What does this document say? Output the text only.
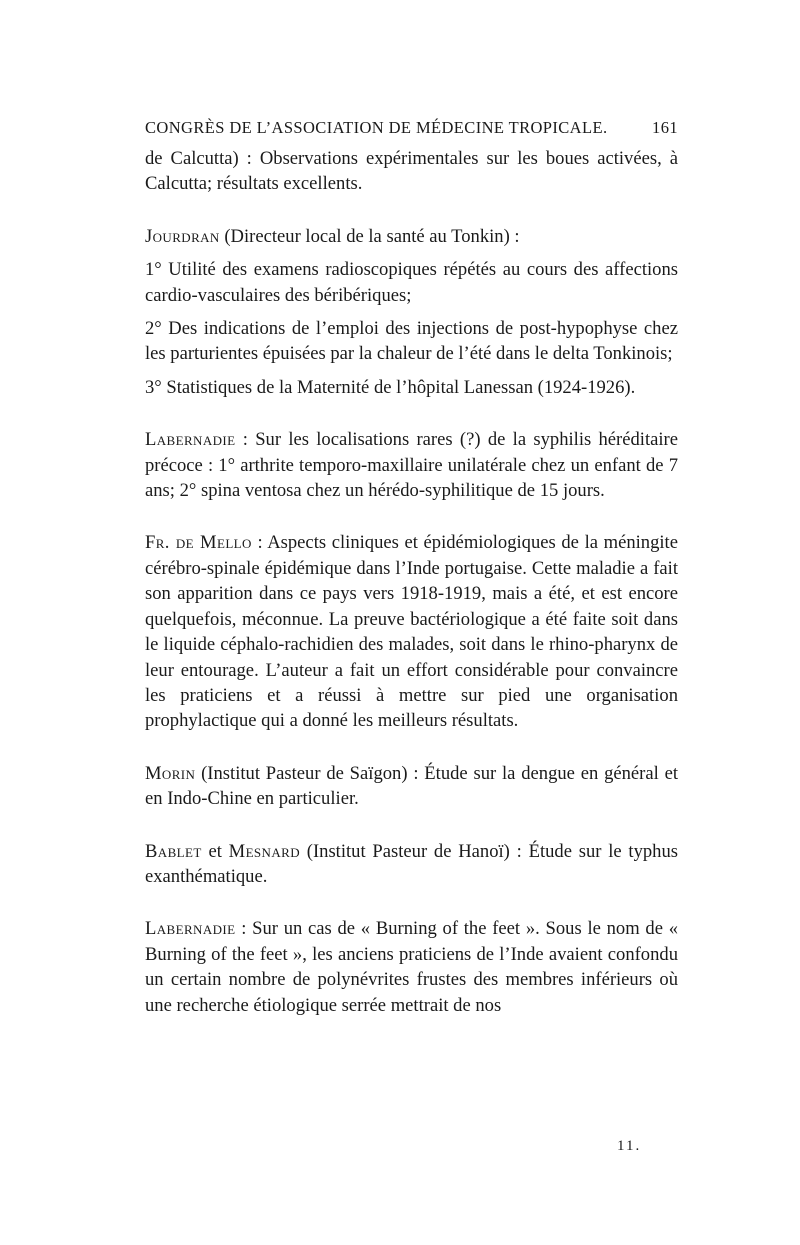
CONGRÈS DE L’ASSOCIATION DE MÉDECINE TROPICALE.	161

de Calcutta) : Observations expérimentales sur les boues activées, à Calcutta; résultats excellents.

Jourdran (Directeur local de la santé au Tonkin) :

1° Utilité des examens radioscopiques répétés au cours des affections cardio-vasculaires des béribériques;

2° Des indications de l’emploi des injections de post-hypophyse chez les parturientes épuisées par la chaleur de l’été dans le delta Tonkinois;

3° Statistiques de la Maternité de l’hôpital Lanessan (1924-1926).

Labernadie : Sur les localisations rares (?) de la syphilis héréditaire précoce : 1° arthrite temporo-maxillaire unilatérale chez un enfant de 7 ans; 2° spina ventosa chez un hérédo-syphilitique de 15 jours.

Fr. de Mello : Aspects cliniques et épidémiologiques de la méningite cérébro-spinale épidémique dans l’Inde portugaise. Cette maladie a fait son apparition dans ce pays vers 1918-1919, mais a été, et est encore quelquefois, méconnue. La preuve bactériologique a été faite soit dans le liquide céphalo-rachidien des malades, soit dans le rhino-pharynx de leur entourage. L’auteur a fait un effort considérable pour convaincre les praticiens et a réussi à mettre sur pied une organisation prophylactique qui a donné les meilleurs résultats.

Morin (Institut Pasteur de Saïgon) : Étude sur la dengue en général et en Indo-Chine en particulier.

Bablet et Mesnard (Institut Pasteur de Hanoï) : Étude sur le typhus exanthématique.

Labernadie : Sur un cas de « Burning of the feet ». Sous le nom de « Burning of the feet », les anciens praticiens de l’Inde avaient confondu un certain nombre de polynévrites frustes des membres inférieurs où une recherche étiologique serrée mettrait de nos

11.
